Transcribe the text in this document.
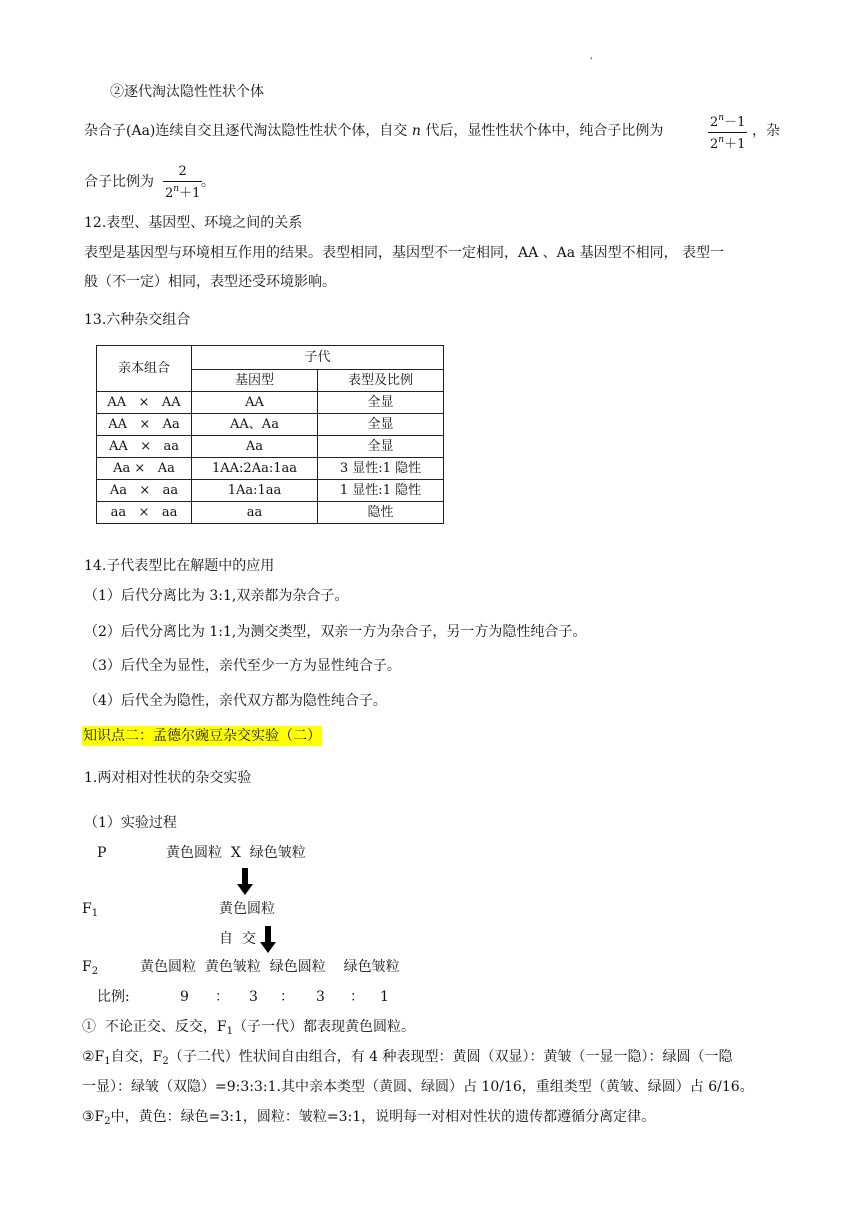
'
②逐代淘汰隐性性状个体
杂合子(Aa)连续自交且逐代淘汰隐性性状个体，自交 n 代后，显性性状个体中，纯合子比例为	$\frac{2^n-1}{2^n+1}$ ，杂
合子比例为 $\frac{2}{2^n+1}$
。
12.表型、基因型、环境之间的关系
表型是基因型与环境相互作用的结果。表型相同，基因型不一定相同，AA 、Aa 基因型不相同， 表型一
般（不一定）相同，表型还受环境影响。
13.六种杂交组合
亲本组合	子代	
	基因型	表型及比例
AA   ×   AA	AA	全显
AA   ×   Aa	AA、Aa	全显
AA   ×   aa	Aa	全显
Aa ×   Aa	1AA:2Aa:1aa	3 显性:1 隐性
Aa   ×   aa	1Aa:1aa	1 显性:1 隐性
aa   ×   aa	aa	隐性
14.子代表型比在解题中的应用
（1）后代分离比为 3:1,双亲都为杂合子。
（2）后代分离比为 1:1,为测交类型，双亲一方为杂合子，另一方为隐性纯合子。
（3）后代全为显性，亲代至少一方为显性纯合子。
（4）后代全为隐性，亲代双方都为隐性纯合子。
知识点二：孟德尔豌豆杂交实验（二）
1.两对相对性状的杂交实验
（1）实验过程
P	黄色圆粒  X  绿色皱粒
$F_1$	黄色圆粒
自  交
$F_2$	黄色圆粒  黄色皱粒  绿色圆粒    绿色皱粒
比例:	9 ： 3 ： 3 ： 1
①  不论正交、反交，$F_1$（子一代）都表现黄色圆粒。
$②F_1$自交，$F_2$（子二代）性状间自由组合，有 4 种表现型：黄圆（双显）：黄皱（一显一隐）：绿圆（一隐
一显）：绿皱（双隐）=9:3:3:1.其中亲本类型（黄圆、绿圆）占 10/16，重组类型（黄皱、绿圆）占 6/16。
$③F_2$中，黄色：绿色=3:1，圆粒：皱粒=3:1，说明每一对相对性状的遗传都遵循分离定律。
